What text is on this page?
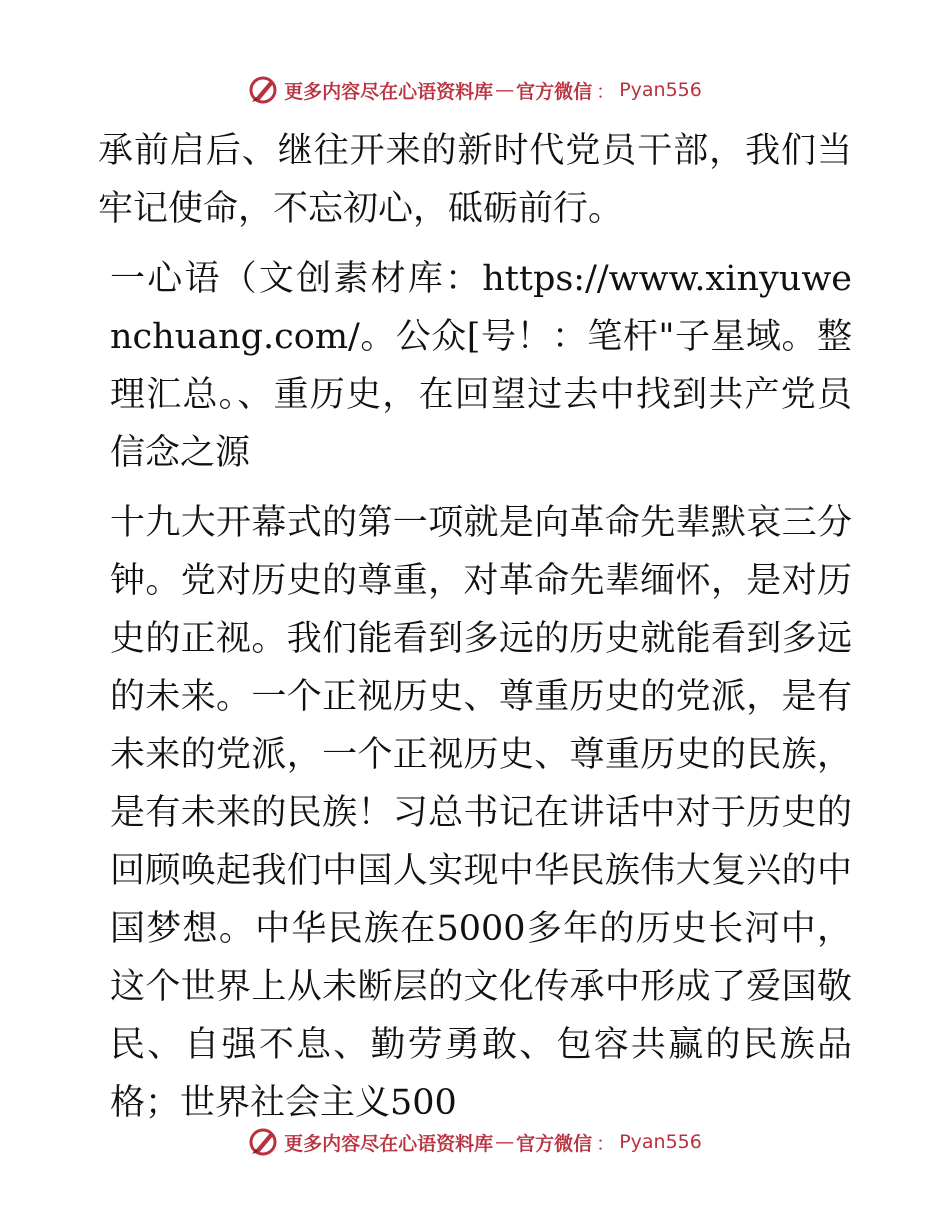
更多内容尽在心语资料库 — 官方微信 ： Pyan556

承前启后、继往开来的新时代党员干部，我们当牢记使命，不忘初心，砥砺前行。

一心语（文创素材库：https://www.xinyuwenchuang.com/。公众[号！：笔杆"子星域。整理汇总。、重历史，在回望过去中找到共产党员信念之源

十九大开幕式的第一项就是向革命先辈默哀三分钟。党对历史的尊重，对革命先辈缅怀，是对历史的正视。我们能看到多远的历史就能看到多远的未来。一个正视历史、尊重历史的党派，是有未来的党派，一个正视历史、尊重历史的民族，是有未来的民族！习总书记在讲话中对于历史的回顾唤起我们中国人实现中华民族伟大复兴的中国梦想。中华民族在5000多年的历史长河中，这个世界上从未断层的文化传承中形成了爱国敬民、自强不息、勤劳勇敢、包容共赢的民族品格；世界社会主义500

更多内容尽在心语资料库 — 官方微信 ： Pyan556
